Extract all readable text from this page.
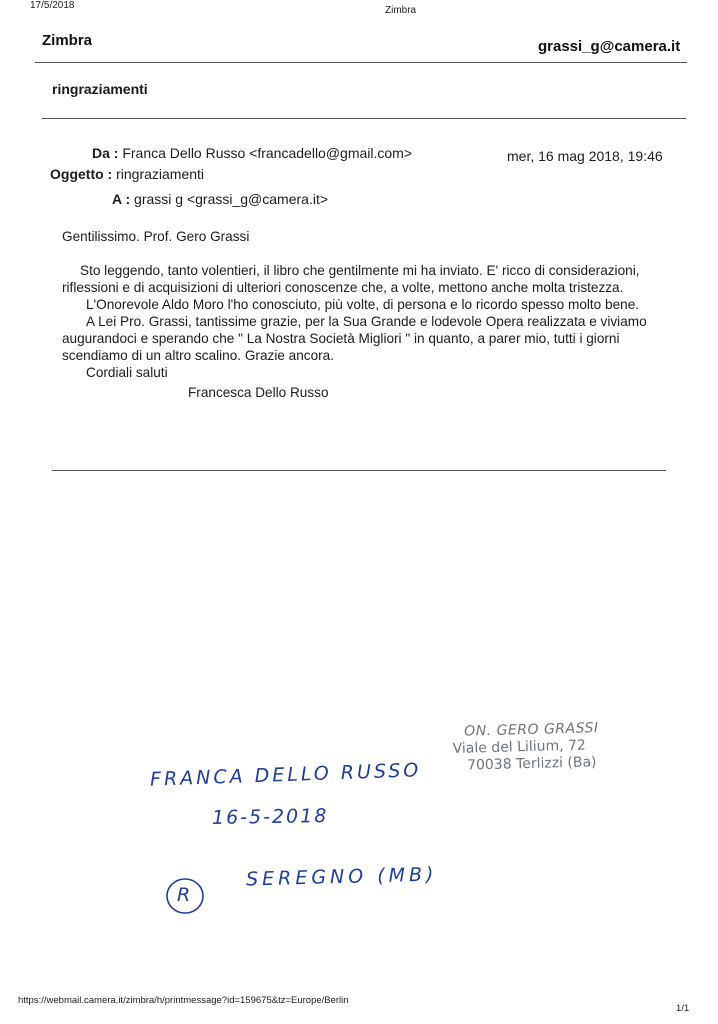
17/5/2018	Zimbra
Zimbra	grassi_g@camera.it
ringraziamenti
Da : Franca Dello Russo <francadello@gmail.com>	mer, 16 mag 2018, 19:46
Oggetto : ringraziamenti
A : grassi g <grassi_g@camera.it>

Gentilissimo. Prof. Gero Grassi

Sto leggendo, tanto volentieri, il libro che gentilmente mi ha inviato. E' ricco di considerazioni, riflessioni e di acquisizioni di ulteriori conoscenze che, a volte, mettono anche molta tristezza.

L'Onorevole Aldo Moro l'ho conosciuto, più volte, di persona e lo ricordo spesso molto bene.

A Lei Pro. Grassi, tantissime grazie, per la Sua Grande e lodevole Opera realizzata e viviamo augurandoci e sperando che " La Nostra Società Migliori " in quanto, a parer mio, tutti i giorni scendiamo di un altro scalino. Grazie ancora.

Cordiali saluti

Francesca Dello Russo

ON. GERO GRASSI
Viale del Lilium, 72
70038 Terlizzi (Ba)
FRANCA DELLO RUSSO
16-5-2018
R
SEREGNO (MB)
https://webmail.camera.it/zimbra/h/printmessage?id=159675&tz=Europe/Berlin
1/1
